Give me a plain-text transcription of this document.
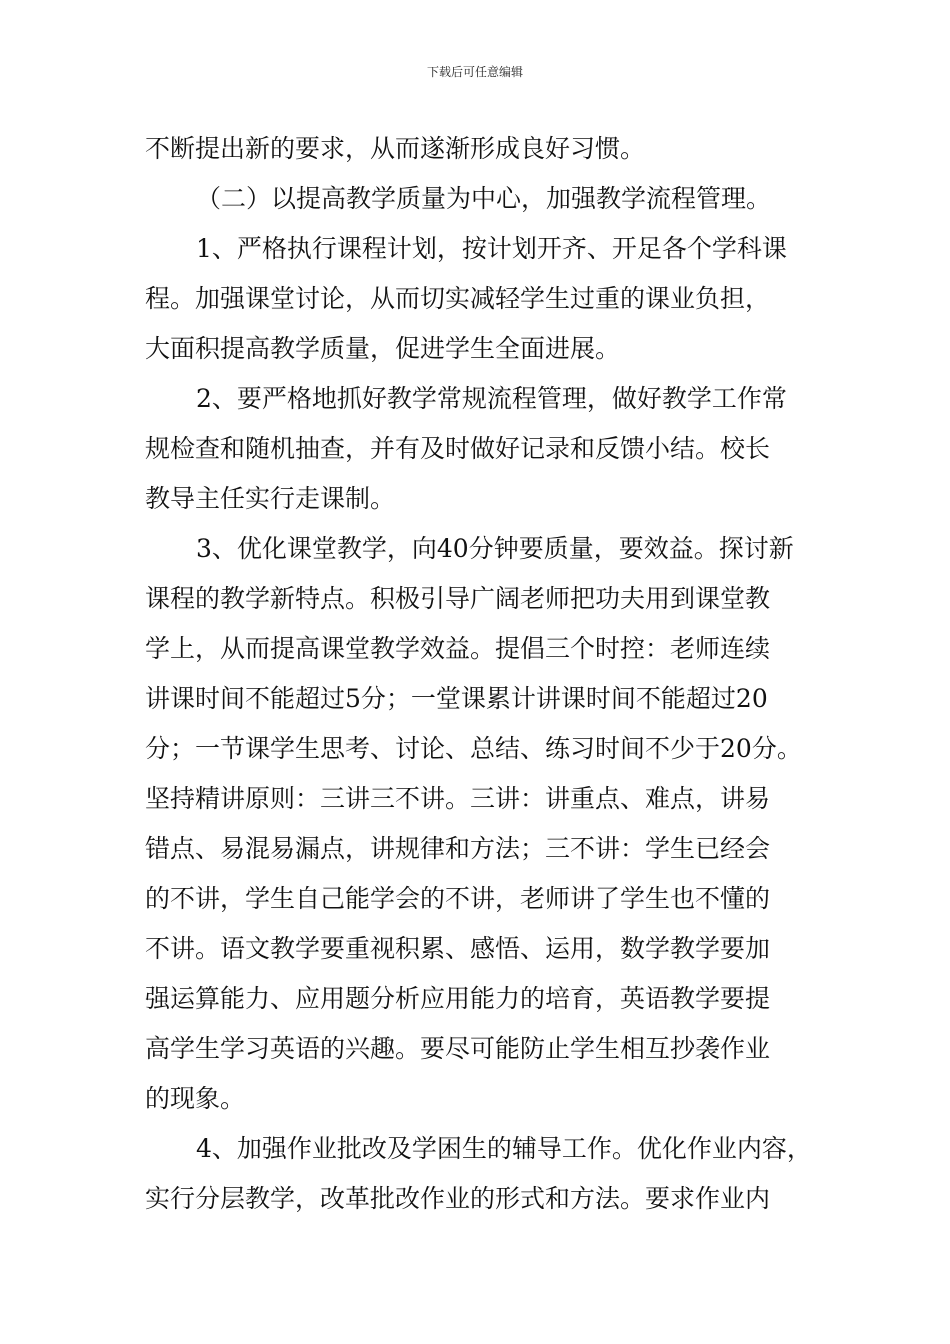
下载后可任意编辑
不断提出新的要求，从而遂渐形成良好习惯。
（二）以提高教学质量为中心，加强教学流程管理。
1、严格执行课程计划，按计划开齐、开足各个学科课
程。加强课堂讨论，从而切实减轻学生过重的课业负担，
大面积提高教学质量，促进学生全面进展。
2、要严格地抓好教学常规流程管理，做好教学工作常
规检查和随机抽查，并有及时做好记录和反馈小结。校长
教导主任实行走课制。
3、优化课堂教学，向40分钟要质量，要效益。探讨新
课程的教学新特点。积极引导广阔老师把功夫用到课堂教
学上，从而提高课堂教学效益。提倡三个时控：老师连续
讲课时间不能超过5分；一堂课累计讲课时间不能超过20
分；一节课学生思考、讨论、总结、练习时间不少于20分。
坚持精讲原则：三讲三不讲。三讲：讲重点、难点，讲易
错点、易混易漏点，讲规律和方法；三不讲：学生已经会
的不讲，学生自己能学会的不讲，老师讲了学生也不懂的
不讲。语文教学要重视积累、感悟、运用，数学教学要加
强运算能力、应用题分析应用能力的培育，英语教学要提
高学生学习英语的兴趣。要尽可能防止学生相互抄袭作业
的现象。
4、加强作业批改及学困生的辅导工作。优化作业内容，
实行分层教学，改革批改作业的形式和方法。要求作业内
